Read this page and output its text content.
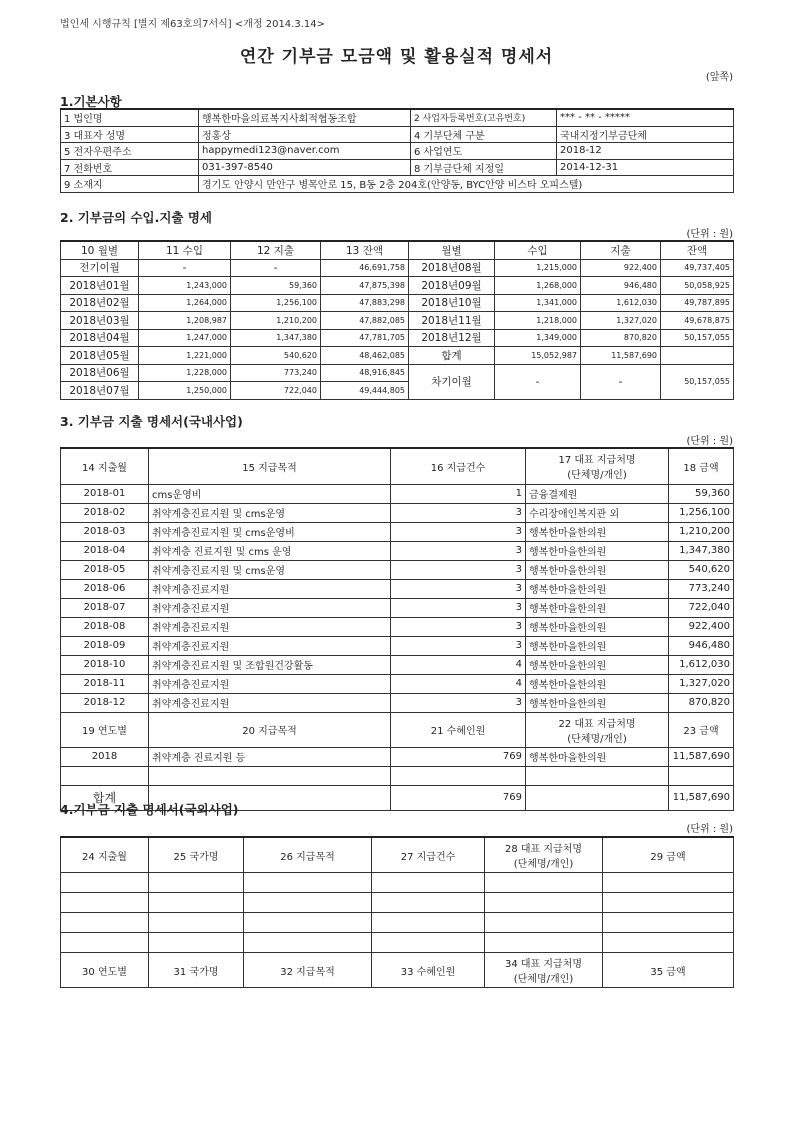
법인세 시행규칙 [별지 제63호의7서식] <개정 2014.3.14>
연간 기부금 모금액 및 활용실적 명세서
(앞쪽)
1.기본사항
1 법인명	행복한마을의료복지사회적협동조합	2 사업자등록번호(고유번호)	*** - ** - *****
3 대표자 성명	정홍상	4 기부단체 구분	국내지정기부금단체
5 전자우편주소	happymedi123@naver.com	6 사업연도	2018-12
7 전화번호	031-397-8540	8 기부금단체 지정일	2014-12-31
9 소재지	경기도 안양시 만안구 병목안로 15, B동 2층 204호(안양동, BYC안양 비스타 오피스텔)		
2. 기부금의 수입.지출 명세
(단위 : 원)
10 월별	11 수입	12 지출	13 잔액	월별	수입	지출	잔액
전기이월	-	-	46,691,758	2018년08월	1,215,000	922,400	49,737,405
2018년01월	1,243,000	59,360	47,875,398	2018년09월	1,268,000	946,480	50,058,925
2018년02월	1,264,000	1,256,100	47,883,298	2018년10월	1,341,000	1,612,030	49,787,895
2018년03월	1,208,987	1,210,200	47,882,085	2018년11월	1,218,000	1,327,020	49,678,875
2018년04월	1,247,000	1,347,380	47,781,705	2018년12월	1,349,000	870,820	50,157,055
2018년05월	1,221,000	540,620	48,462,085	합계	15,052,987	11,587,690	
2018년06월	1,228,000	773,240	48,916,845	차기이월	-	-	50,157,055
2018년07월	1,250,000	722,040	49,444,805				
3. 기부금 지출 명세서(국내사업)
(단위 : 원)
14 지출월	15 지급목적	16 지급건수	17 대표 지급처명
(단체명/개인)	18 금액
2018-01	cms운영비	1	금융결제원	59,360
2018-02	취약계층진료지원 및 cms운영	3	수리장애인복지관 외	1,256,100
2018-03	취약계층진료지원 및 cms운영비	3	행복한마을한의원	1,210,200
2018-04	취약계층 진료지원 및 cms 운영	3	행복한마을한의원	1,347,380
2018-05	취약계층진료지원 및 cms운영	3	행복한마을한의원	540,620
2018-06	취약계층진료지원	3	행복한마을한의원	773,240
2018-07	취약계층진료지원	3	행복한마을한의원	722,040
2018-08	취약계층진료지원	3	행복한마을한의원	922,400
2018-09	취약계층진료지원	3	행복한마을한의원	946,480
2018-10	취약계층진료지원 및 조합원건강활동	4	행복한마을한의원	1,612,030
2018-11	취약계층진료지원	4	행복한마을한의원	1,327,020
2018-12	취약계층진료지원	3	행복한마을한의원	870,820
19 연도별	20 지급목적	21 수혜인원	22 대표 지급처명
(단체명/개인)	23 금액
2018	취약계층 진료지원 등	769	행복한마을한의원	11,587,690

합계		769		11,587,690
4.기부금 지출 명세서(국외사업)
(단위 : 원)
24 지출월	25 국가명	26 지급목적	27 지급건수	28 대표 지급처명
(단체명/개인)	29 금액

30 연도별	31 국가명	32 지급목적	33 수혜인원	34 대표 지급처명
(단체명/개인)	35 금액
